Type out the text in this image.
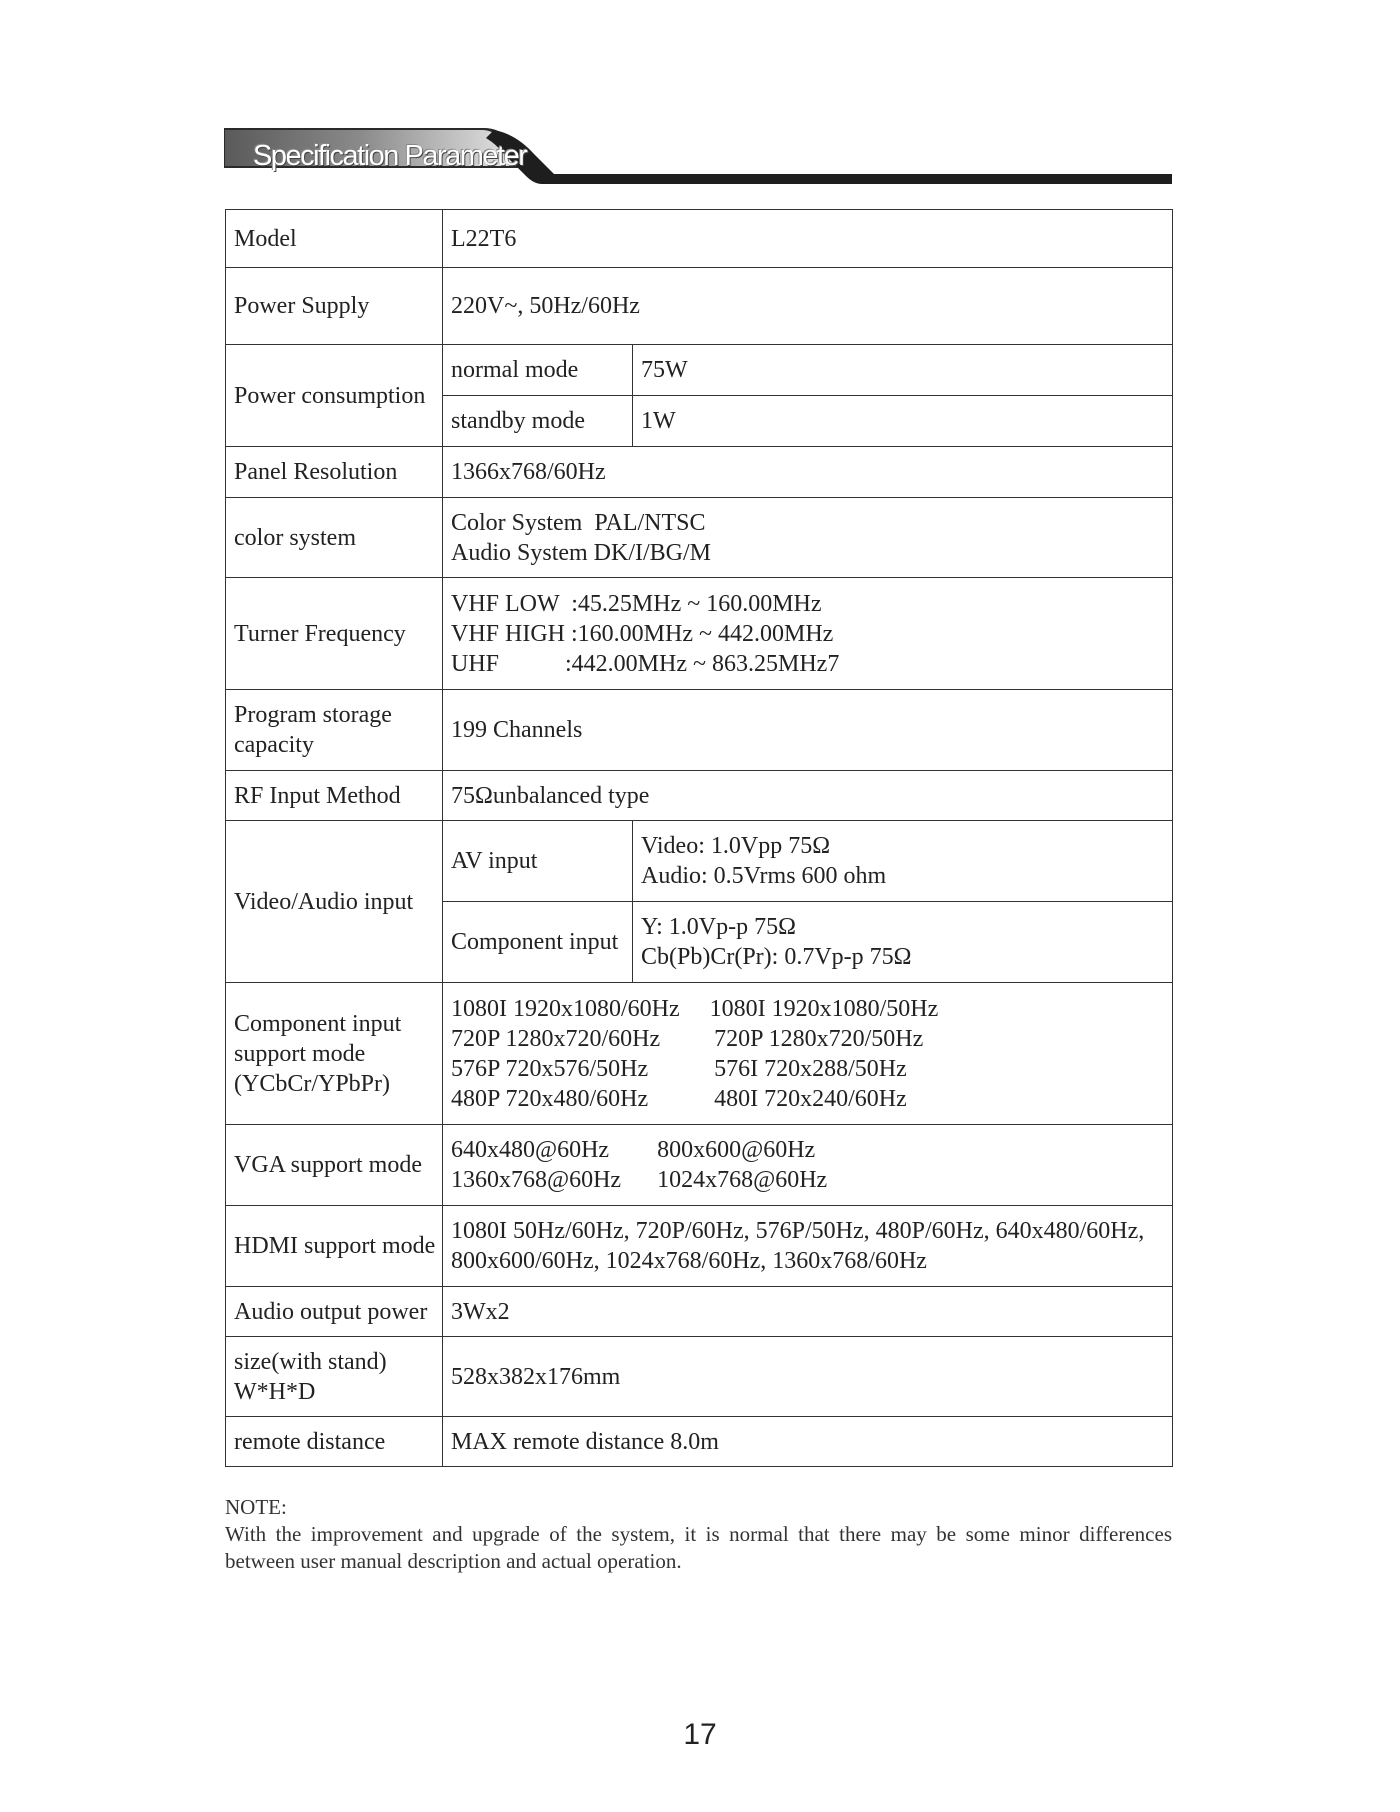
Specification Parameter
Model	L22T6	
Power Supply	220V~, 50Hz/60Hz	
Power consumption	normal mode	75W
	standby mode	1W
Panel Resolution	1366x768/60Hz	
color system	Color System  PAL/NTSC
Audio System DK/I/BG/M	

Turner Frequency	VHF LOW  :45.25MHz ~ 160.00MHz
VHF HIGH :160.00MHz ~ 442.00MHz
UHF           :442.00MHz ~ 863.25MHz7	

Program storage
capacity	199 Channels	
RF Input Method	75Ωunbalanced type	
Video/Audio input	AV input	Video: 1.0Vpp 75Ω
Audio: 0.5Vrms 600 ohm

	Component input	Y: 1.0Vp-p 75Ω
Cb(Pb)Cr(Pr): 0.7Vp-p 75Ω

Component input
support mode
(YCbCr/YPbPr)	1080I 1920x1080/60Hz     1080I 1920x1080/50Hz
720P 1280x720/60Hz         720P 1280x720/50Hz
576P 720x576/50Hz           576I 720x288/50Hz
480P 720x480/60Hz           480I 720x240/60Hz	

VGA support mode	640x480@60Hz        800x600@60Hz
1360x768@60Hz      1024x768@60Hz	

HDMI support mode	1080I 50Hz/60Hz, 720P/60Hz, 576P/50Hz, 480P/60Hz, 640x480/60Hz,
800x600/60Hz, 1024x768/60Hz, 1360x768/60Hz	

Audio output power	3Wx2	

size(with stand)
W*H*D	528x382x176mm	
remote distance	MAX remote distance 8.0m	
NOTE:
With the improvement and upgrade of the system, it is normal that there may be some minor differences between user manual description and actual operation.
17
